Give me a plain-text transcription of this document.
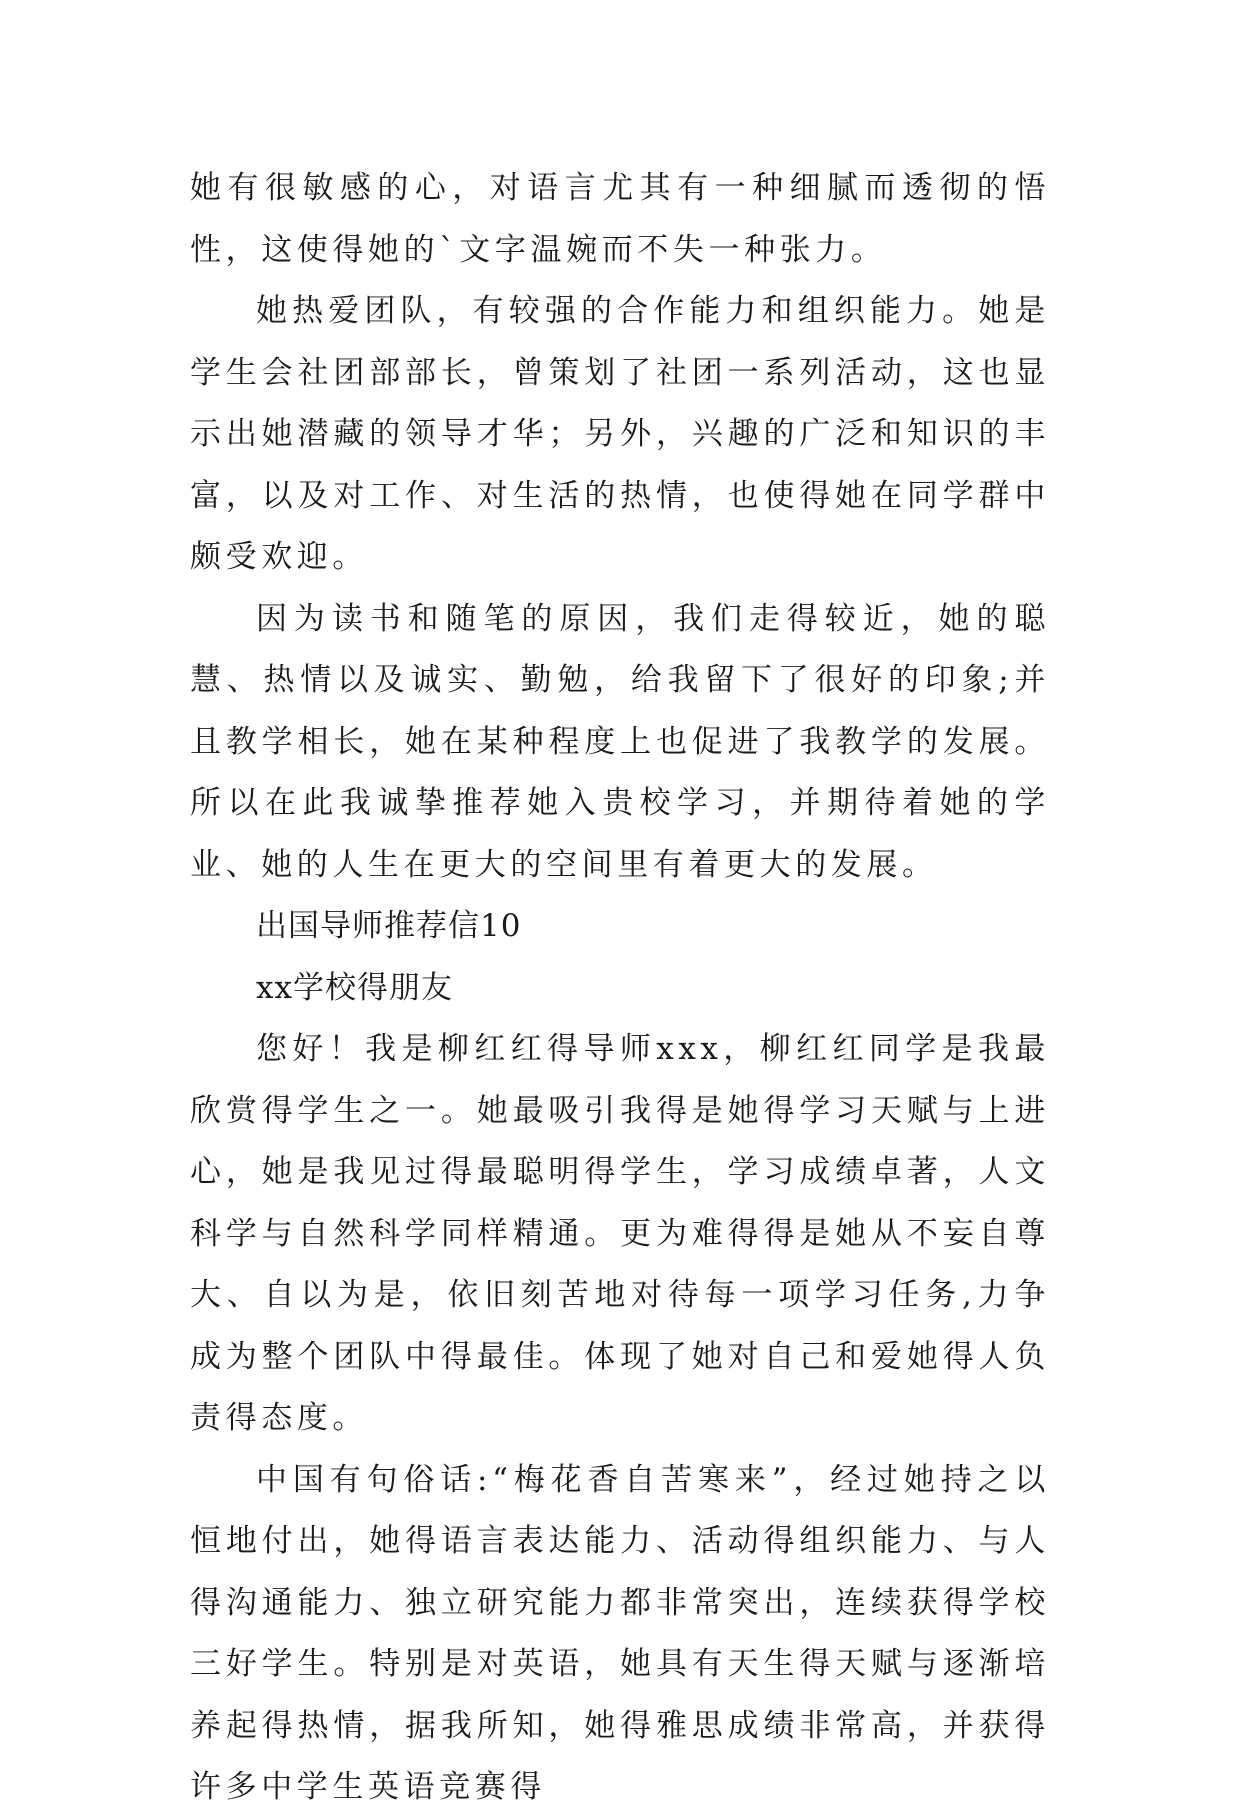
她有很敏感的心，对语言尤其有一种细腻而透彻的悟性，这使得她的`文字温婉而不失一种张力。

她热爱团队，有较强的合作能力和组织能力。她是学生会社团部部长，曾策划了社团一系列活动，这也显示出她潜藏的领导才华；另外，兴趣的广泛和知识的丰富，以及对工作、对生活的热情，也使得她在同学群中颇受欢迎。

因为读书和随笔的原因，我们走得较近，她的聪慧、热情以及诚实、勤勉，给我留下了很好的印象;并且教学相长，她在某种程度上也促进了我教学的发展。所以在此我诚挚推荐她入贵校学习，并期待着她的学业、她的人生在更大的空间里有着更大的发展。

出国导师推荐信10

xx学校得朋友

您好！我是柳红红得导师xxx，柳红红同学是我最欣赏得学生之一。她最吸引我得是她得学习天赋与上进心，她是我见过得最聪明得学生，学习成绩卓著，人文科学与自然科学同样精通。更为难得得是她从不妄自尊大、自以为是，依旧刻苦地对待每一项学习任务,力争成为整个团队中得最佳。体现了她对自己和爱她得人负责得态度。

中国有句俗话:“梅花香自苦寒来”，经过她持之以恒地付出，她得语言表达能力、活动得组织能力、与人得沟通能力、独立研究能力都非常突出，连续获得学校三好学生。特别是对英语，她具有天生得天赋与逐渐培养起得热情，据我所知，她得雅思成绩非常高，并获得许多中学生英语竞赛得
